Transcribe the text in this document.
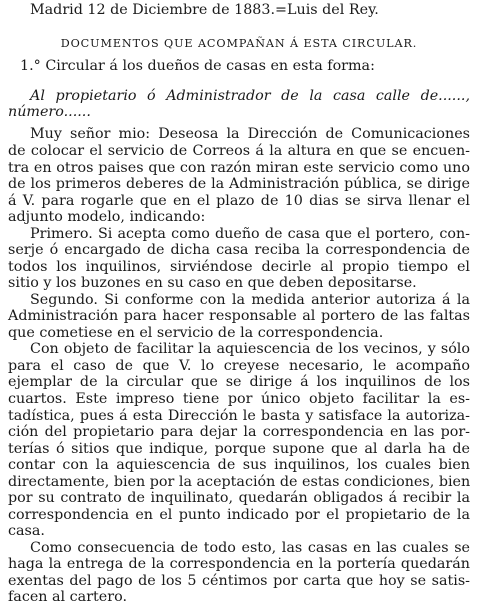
Madrid 12 de Diciembre de 1883.=Luis del Rey.
DOCUMENTOS QUE ACOMPAÑAN Á ESTA CIRCULAR.
1.° Circular á los dueños de casas en esta forma:
Al propietario ó Administrador de la casa calle de......,
número......
Muy señor mio: Deseosa la Dirección de Comunicaciones
de colocar el servicio de Correos á la altura en que se encuen-
tra en otros paises que con razón miran este servicio como uno
de los primeros deberes de la Administración pública, se dirige
á V. para rogarle que en el plazo de 10 dias se sirva llenar el
adjunto modelo, indicando:
Primero. Si acepta como dueño de casa que el portero, con-
serje ó encargado de dicha casa reciba la correspondencia de
todos los inquilinos, sirviéndose decirle al propio tiempo el
sitio y los buzones en su caso en que deben depositarse.
Segundo. Si conforme con la medida anterior autoriza á la
Administración para hacer responsable al portero de las faltas
que cometiese en el servicio de la correspondencia.
Con objeto de facilitar la aquiescencia de los vecinos, y sólo
para el caso de que V. lo creyese necesario, le acompaño
ejemplar de la circular que se dirige á los inquilinos de los
cuartos. Este impreso tiene por único objeto facilitar la es-
tadística, pues á esta Dirección le basta y satisface la autoriza-
ción del propietario para dejar la correspondencia en las por-
terías ó sitios que indique, porque supone que al darla ha de
contar con la aquiescencia de sus inquilinos, los cuales bien
directamente, bien por la aceptación de estas condiciones, bien
por su contrato de inquilinato, quedarán obligados á recibir la
correspondencia en el punto indicado por el propietario de la
casa.
Como consecuencia de todo esto, las casas en las cuales se
haga la entrega de la correspondencia en la portería quedarán
exentas del pago de los 5 céntimos por carta que hoy se satis-
facen al cartero.
